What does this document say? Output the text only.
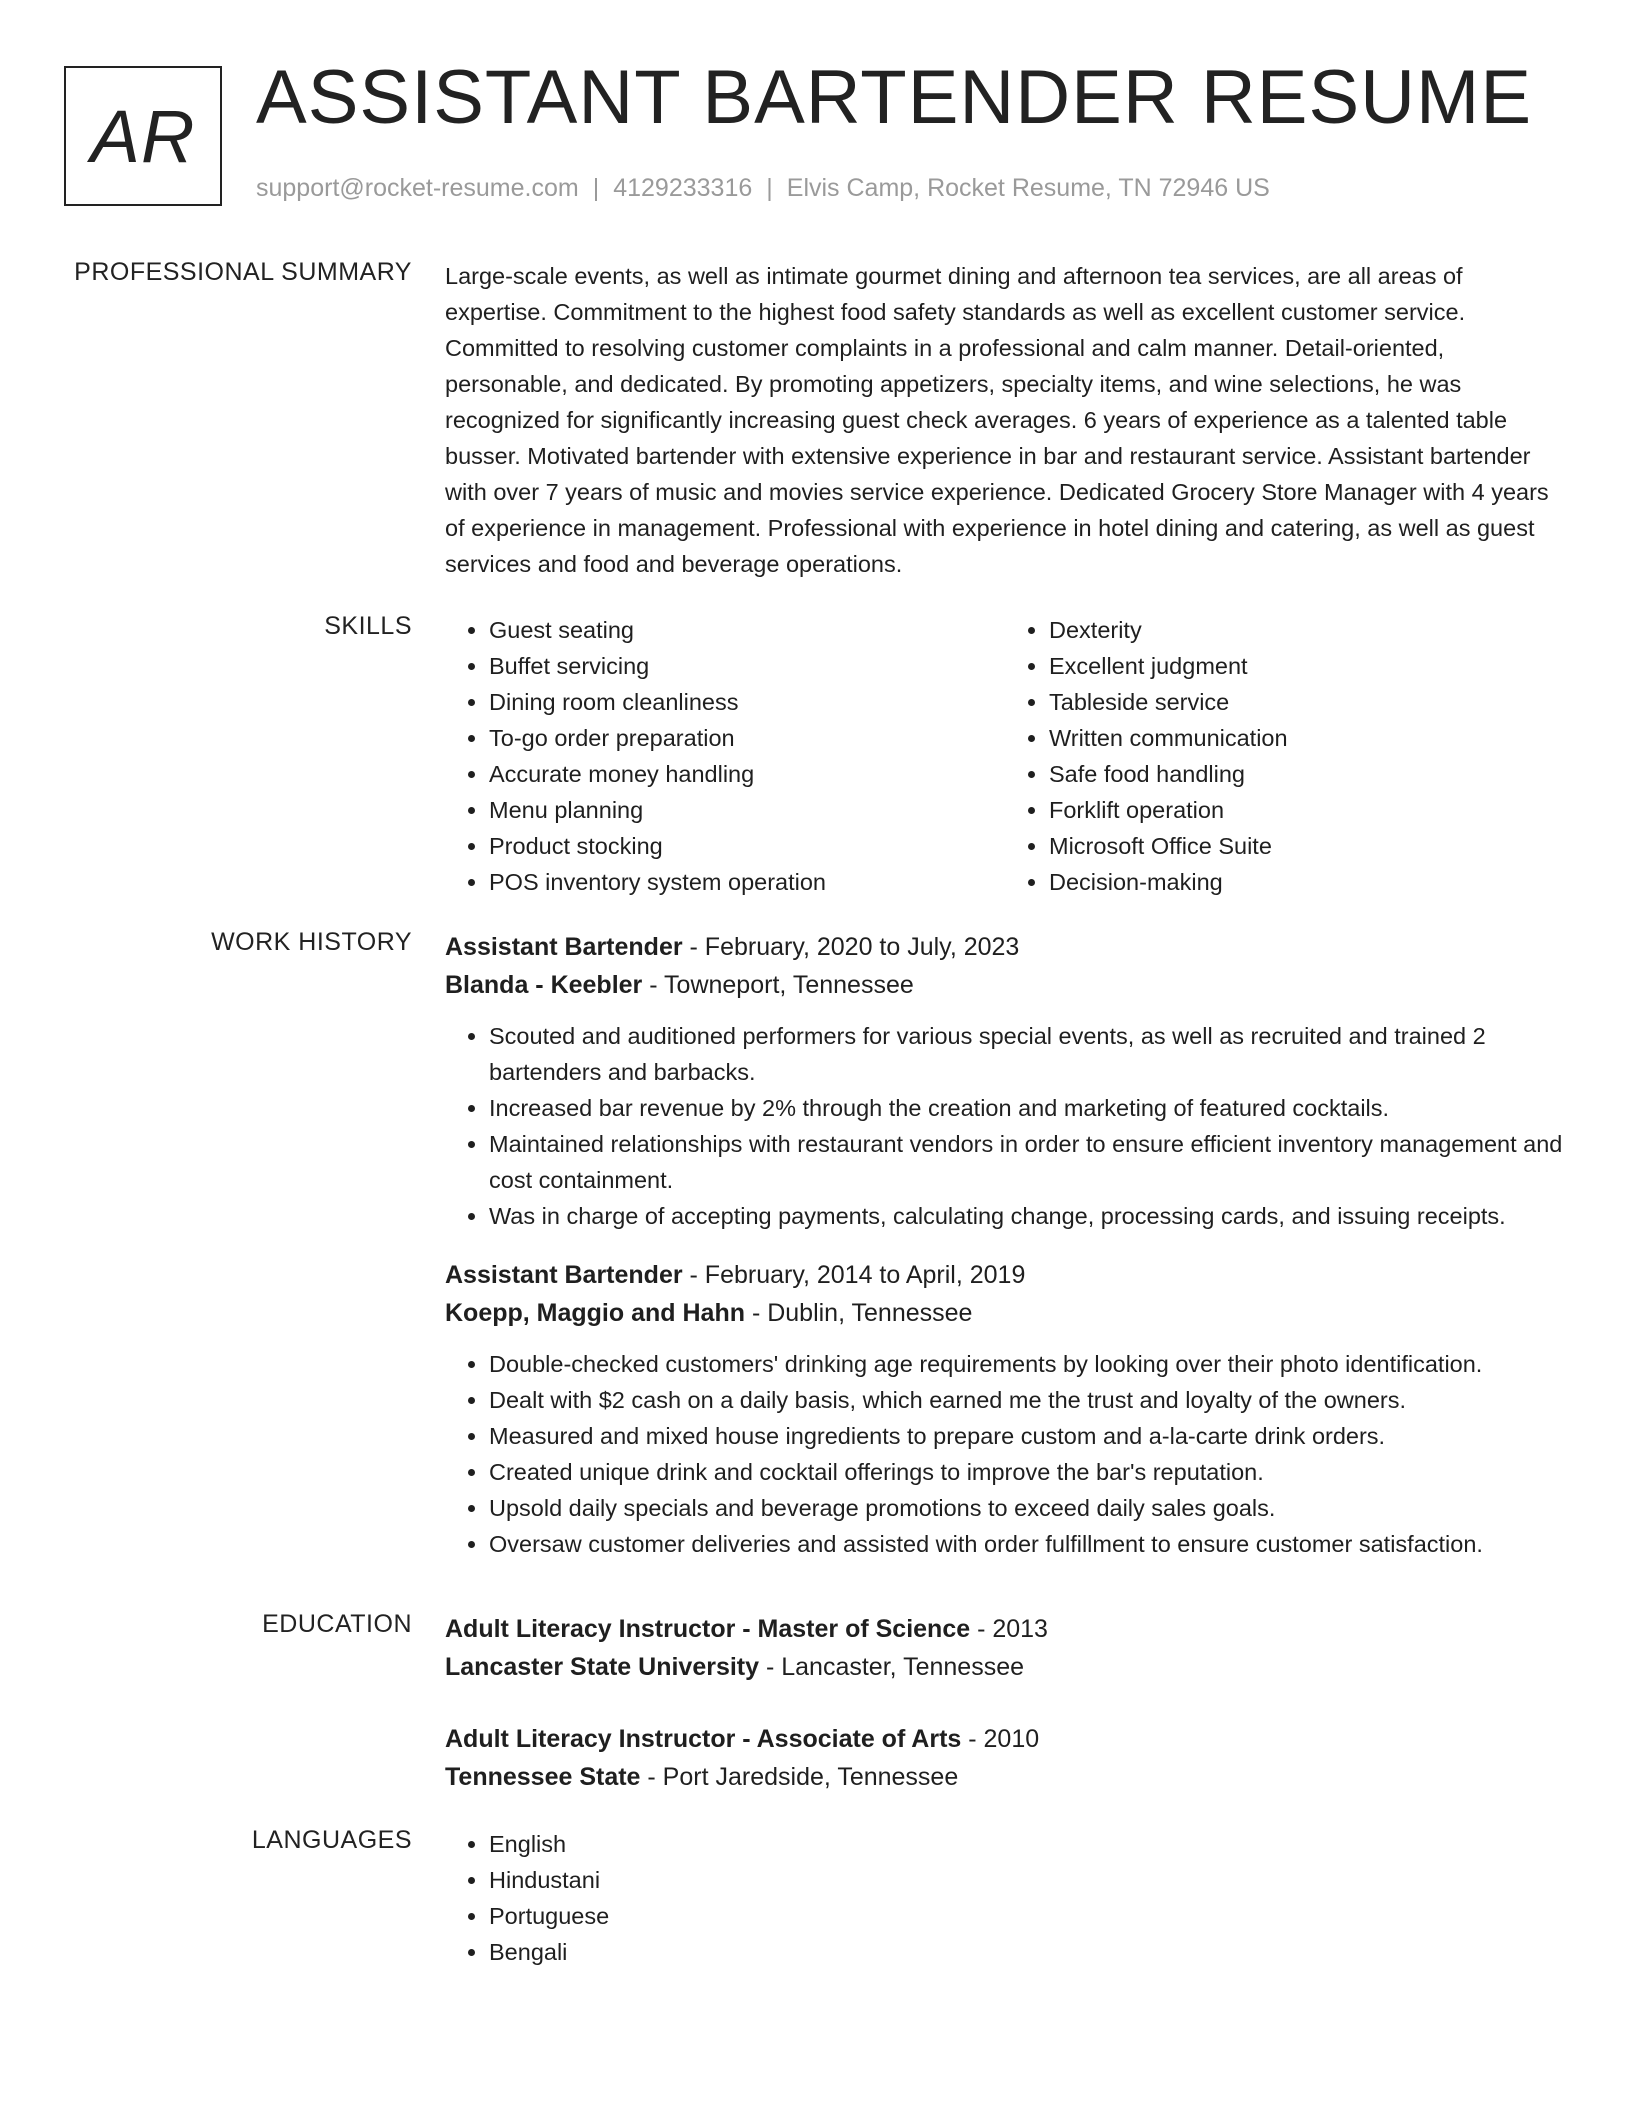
AR ASSISTANT BARTENDER RESUME
support@rocket-resume.com | 4129233316 | Elvis Camp, Rocket Resume, TN 72946 US
PROFESSIONAL SUMMARY Large-scale events, as well as intimate gourmet dining and afternoon tea services, are all areas of expertise. Commitment to the highest food safety standards as well as excellent customer service. Committed to resolving customer complaints in a professional and calm manner. Detail-oriented, personable, and dedicated. By promoting appetizers, specialty items, and wine selections, he was recognized for significantly increasing guest check averages. 6 years of experience as a talented table busser. Motivated bartender with extensive experience in bar and restaurant service. Assistant bartender with over 7 years of music and movies service experience. Dedicated Grocery Store Manager with 4 years of experience in management. Professional with experience in hotel dining and catering, as well as guest services and food and beverage operations.

SKILLS	• Guest seating
• Buffet servicing
• Dining room cleanliness
• To-go order preparation
• Accurate money handling
• Menu planning
• Product stocking
• POS inventory system operation
• Dexterity
• Excellent judgment
• Tableside service
• Written communication
• Safe food handling
• Forklift operation
• Microsoft Office Suite
• Decision-making
WORK HISTORY Assistant Bartender - February, 2020 to July, 2023
Blanda - Keebler - Towneport, Tennessee
• Scouted and auditioned performers for various special events, as well as recruited and trained 2 bartenders and barbacks.
• Increased bar revenue by 2% through the creation and marketing of featured cocktails.
• Maintained relationships with restaurant vendors in order to ensure efficient inventory management and cost containment.
• Was in charge of accepting payments, calculating change, processing cards, and issuing receipts.
Assistant Bartender - February, 2014 to April, 2019
Koepp, Maggio and Hahn - Dublin, Tennessee
• Double-checked customers' drinking age requirements by looking over their photo identification.
• Dealt with $2 cash on a daily basis, which earned me the trust and loyalty of the owners.
• Measured and mixed house ingredients to prepare custom and a-la-carte drink orders.
• Created unique drink and cocktail offerings to improve the bar's reputation.
• Upsold daily specials and beverage promotions to exceed daily sales goals.
• Oversaw customer deliveries and assisted with order fulfillment to ensure customer satisfaction.
EDUCATION Adult Literacy Instructor - Master of Science - 2013
Lancaster State University - Lancaster, Tennessee
Adult Literacy Instructor - Associate of Arts - 2010
Tennessee State - Port Jaredside, Tennessee
LANGUAGES	• English
• Hindustani
• Portuguese
• Bengali
